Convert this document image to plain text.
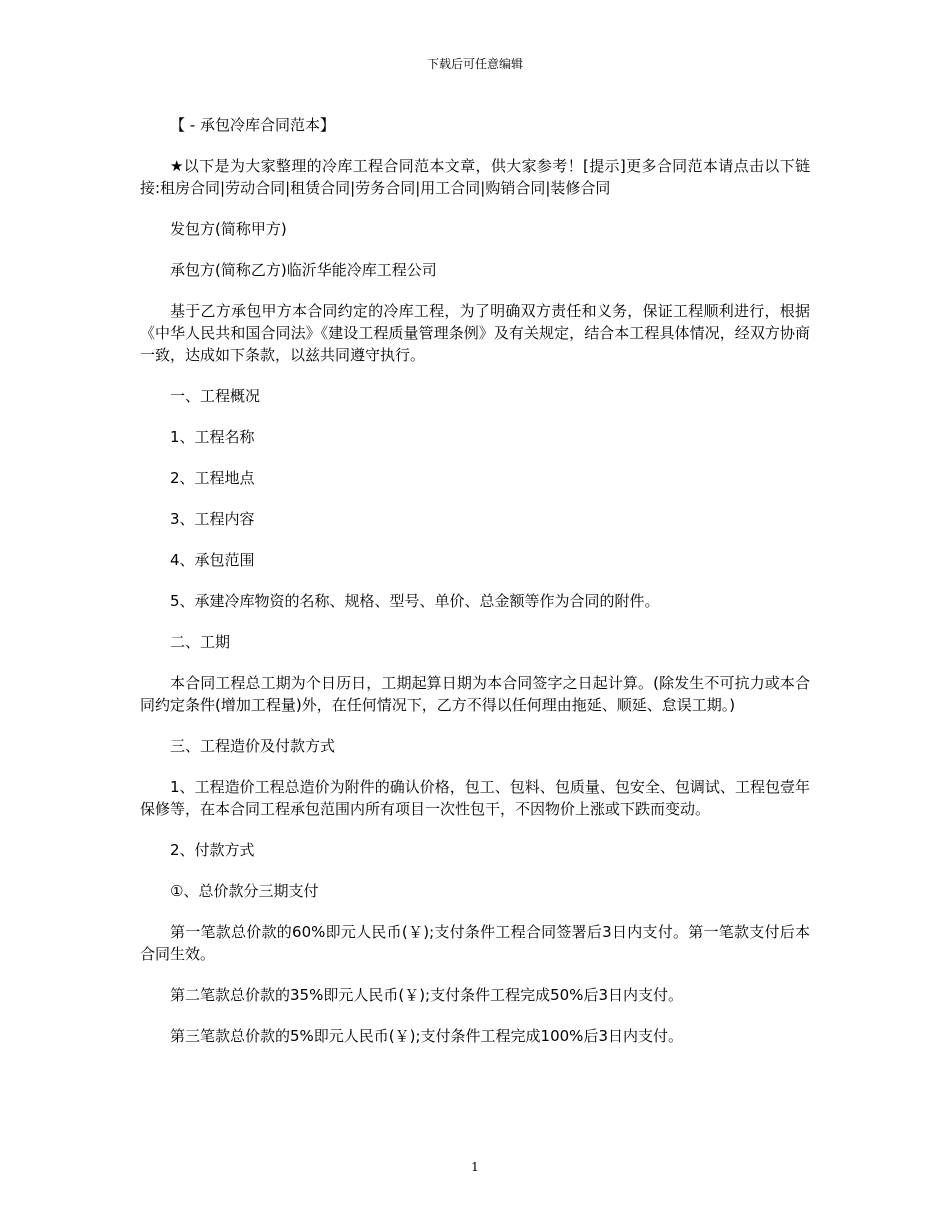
下载后可任意编辑

【 - 承包冷库合同范本】

★以下是为大家整理的冷库工程合同范本文章，供大家参考！[提示]更多合同范本请点击以下链接:租房合同|劳动合同|租赁合同|劳务合同|用工合同|购销合同|装修合同

发包方(简称甲方)

承包方(简称乙方)临沂华能冷库工程公司

基于乙方承包甲方本合同约定的冷库工程，为了明确双方责任和义务，保证工程顺利进行，根据《中华人民共和国合同法》《建设工程质量管理条例》及有关规定，结合本工程具体情况，经双方协商一致，达成如下条款，以兹共同遵守执行。

一、工程概况

1、工程名称

2、工程地点

3、工程内容

4、承包范围

5、承建冷库物资的名称、规格、型号、单价、总金额等作为合同的附件。

二、工期

本合同工程总工期为个日历日，工期起算日期为本合同签字之日起计算。(除发生不可抗力或本合同约定条件(增加工程量)外，在任何情况下，乙方不得以任何理由拖延、顺延、怠误工期。)

三、工程造价及付款方式

1、工程造价工程总造价为附件的确认价格，包工、包料、包质量、包安全、包调试、工程包壹年保修等，在本合同工程承包范围内所有项目一次性包干，不因物价上涨或下跌而变动。

2、付款方式

①、总价款分三期支付

第一笔款总价款的60%即元人民币(￥);支付条件工程合同签署后3日内支付。第一笔款支付后本合同生效。

第二笔款总价款的35%即元人民币(￥);支付条件工程完成50%后3日内支付。

第三笔款总价款的5%即元人民币(￥);支付条件工程完成100%后3日内支付。

1
